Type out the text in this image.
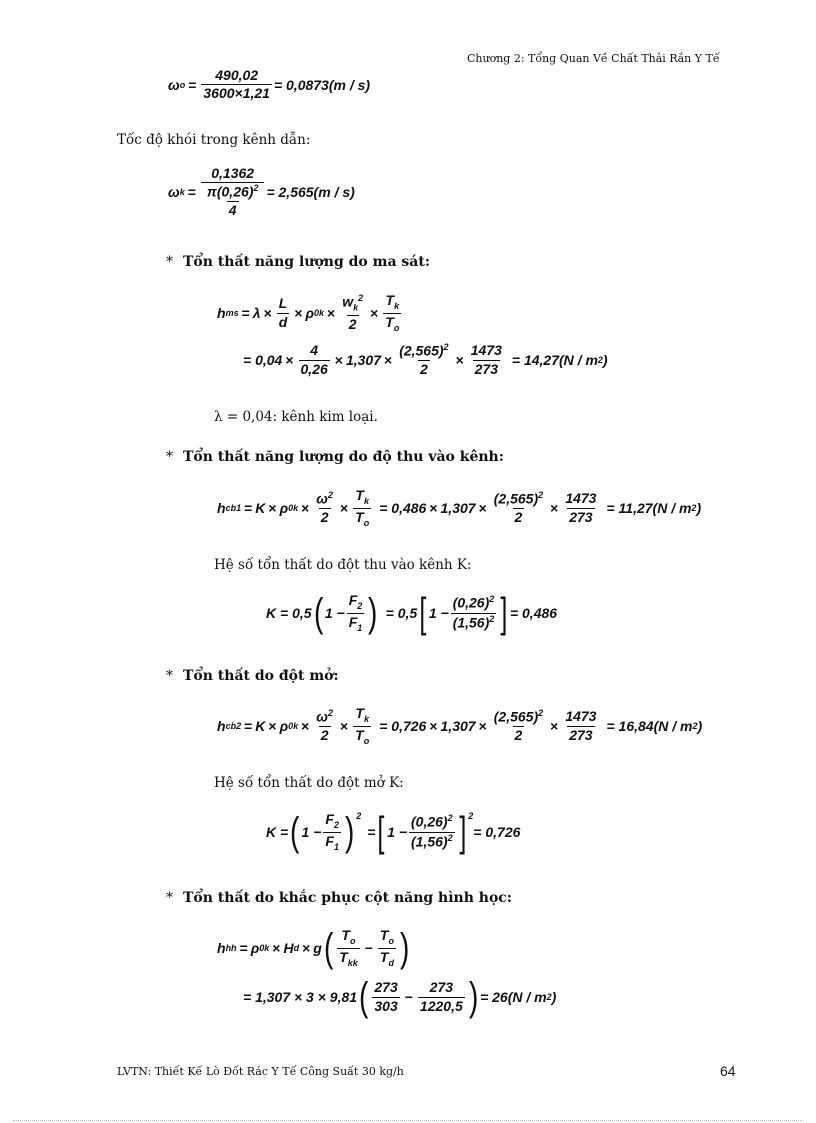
Chương 2: Tổng Quan Về Chất Thải Rắn Y Tế
ω $o = \frac{490,02}{3600\times 1,21} = 0,0873(m / s)$
Tốc độ khói trong kênh dẫn:
ω $k = \frac{0,1362}{\frac{\pi(0,26)^2}{4}} = 2,565(m / s)$
* Tổn thất năng lượng do ma sát:
h ms = $\lambda \times \frac{L}{d} \times \rho$ $0k \times \frac{w_k^2}{2} \times \frac{T_k}{T_o}$
= $0,04 \times \frac{4}{0,26} \times 1,307 \times \frac{(2,565)^2}{2} \times \frac{1473}{273} = 14,27(N / m$ 2 )
λ = 0,04: kênh kim loại.
* Tổn thất năng lượng do độ thu vào kênh:
h cb1 = K × ρ $0k \times \frac{\omega^2}{2} \times \frac{T_k}{T_o} = 0,486 \times 1,307 \times \frac{(2,565)^2}{2} \times \frac{1473}{273} = 11,27(N / m$ 2 )
Hệ số tổn thất do đột thu vào kênh K:
K = 0,5 ( $1 - \frac{F_2}{F_1}$ ) = 0,5 [ $1 - \frac{(0,26)^2}{(1,56)^2}$ ] = 0,486
* Tổn thất do đột mở:
h cb2 = K × ρ $0k \times \frac{\omega^2}{2} \times \frac{T_k}{T_o} = 0,726 \times 1,307 \times \frac{(2,565)^2}{2} \times \frac{1473}{273} = 16,84(N / m$ 2 )
Hệ số tổn thất do đột mở K:
K = ( $1 - \frac{F_2}{F_1} )^2$
= [ $1 - \frac{(0,26)^2}{(1,56)^2}$ ] $^2$
= 0,726
* Tổn thất do khắc phục cột năng hình học:
h hh = ρ 0k × H d × g ( $\frac{T_o}{T_{kk}} - \frac{T_o}{T_d}$ )
= 1,307 × 3 × 9,81 ( $\frac{273}{303} - \frac{273}{1220,5}$ ) = 26(N / m 2 )
LVTN: Thiết Kế Lò Đốt Rác Y Tế Công Suất 30 kg/h	64
